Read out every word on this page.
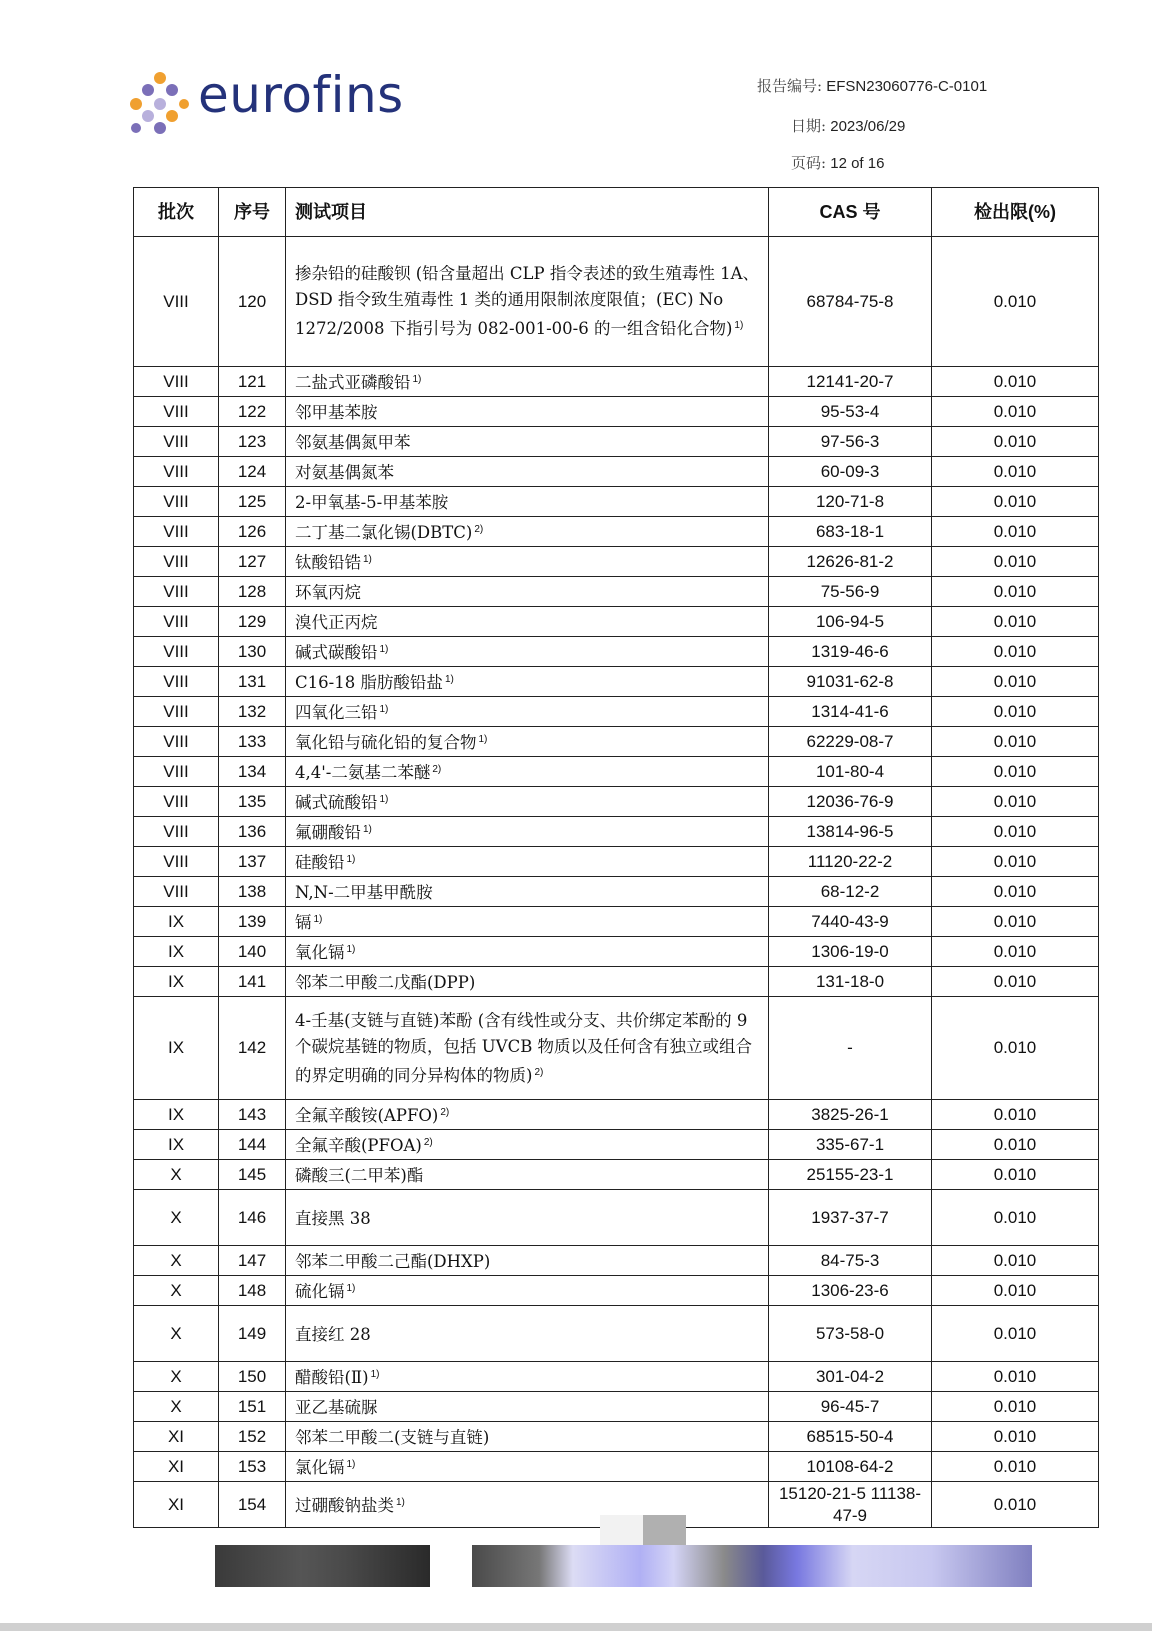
eurofins	报告编号: EFSN23060776-C-0101
日期: 2023/06/29
页码: 12 of 16
批次	序号	测试项目	CAS 号	检出限(%)
VIII	120	掺杂铅的硅酸钡 (铅含量超出 CLP 指令表述的致生殖毒性 1A、DSD 指令致生殖毒性 1 类的通用限制浓度限值；(EC) No 1272/2008 下指引号为 082-001-00-6 的一组含铅化合物) $^{1)}$	68784-75-8	0.010
VIII	121	二盐式亚磷酸铅 $^{1)}$	12141-20-7	0.010
VIII	122	邻甲基苯胺	95-53-4	0.010
VIII	123	邻氨基偶氮甲苯	97-56-3	0.010
VIII	124	对氨基偶氮苯	60-09-3	0.010
VIII	125	2-甲氧基-5-甲基苯胺	120-71-8	0.010
VIII	126	二丁基二氯化锡(DBTC) $^{2)}$	683-18-1	0.010
VIII	127	钛酸铅锆 $^{1)}$	12626-81-2	0.010
VIII	128	环氧丙烷	75-56-9	0.010
VIII	129	溴代正丙烷	106-94-5	0.010
VIII	130	碱式碳酸铅 $^{1)}$	1319-46-6	0.010
VIII	131	C16-18 脂肪酸铅盐 $^{1)}$	91031-62-8	0.010
VIII	132	四氧化三铅 $^{1)}$	1314-41-6	0.010
VIII	133	氧化铅与硫化铅的复合物 $^{1)}$	62229-08-7	0.010
VIII	134	4,4'-二氨基二苯醚 $^{2)}$	101-80-4	0.010
VIII	135	碱式硫酸铅 $^{1)}$	12036-76-9	0.010
VIII	136	氟硼酸铅 $^{1)}$	13814-96-5	0.010
VIII	137	硅酸铅 $^{1)}$	11120-22-2	0.010
VIII	138	N,N-二甲基甲酰胺	68-12-2	0.010
IX	139	镉 $^{1)}$	7440-43-9	0.010
IX	140	氧化镉 $^{1)}$	1306-19-0	0.010
IX	141	邻苯二甲酸二戊酯(DPP)	131-18-0	0.010
IX	142	4-壬基(支链与直链)苯酚 (含有线性或分支、共价绑定苯酚的 9 个碳烷基链的物质，包括 UVCB 物质以及任何含有独立或组合的界定明确的同分异构体的物质) $^{2)}$	-	0.010
IX	143	全氟辛酸铵(APFO) $^{2)}$	3825-26-1	0.010
IX	144	全氟辛酸(PFOA) $^{2)}$	335-67-1	0.010
X	145	磷酸三(二甲苯)酯	25155-23-1	0.010
X	146	直接黑 38	1937-37-7	0.010
X	147	邻苯二甲酸二己酯(DHXP)	84-75-3	0.010
X	148	硫化镉 $^{1)}$	1306-23-6	0.010
X	149	直接红 28	573-58-0	0.010
X	150	醋酸铅(Ⅱ) $^{1)}$	301-04-2	0.010
X	151	亚乙基硫脲	96-45-7	0.010
XI	152	邻苯二甲酸二(支链与直链)	68515-50-4	0.010
XI	153	氯化镉 $^{1)}$	10108-64-2	0.010
XI	154	过硼酸钠盐类 $^{1)}$	15120-21-5 11138-47-9	0.010
